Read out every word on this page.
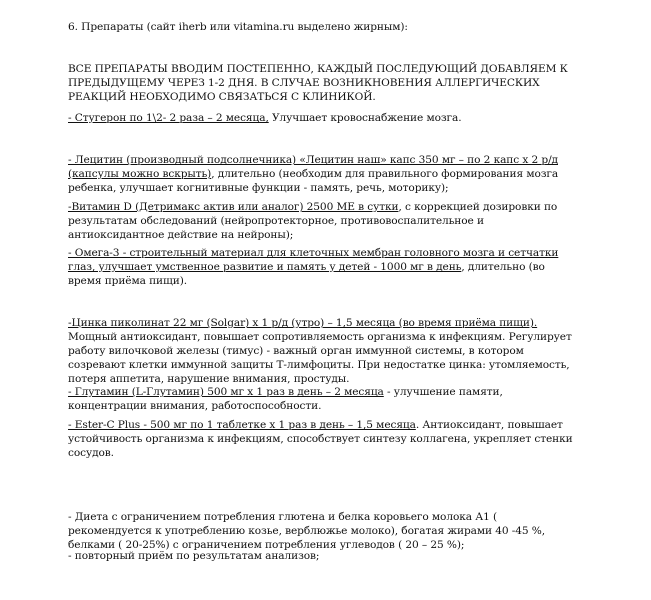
6. Препараты (сайт iherb или vitamina.ru выделено жирным):
ВСЕ ПРЕПАРАТЫ ВВОДИМ ПОСТЕПЕННО, КАЖДЫЙ ПОСЛЕДУЮЩИЙ ДОБАВЛЯЕМ К ПРЕДЫДУЩЕМУ ЧЕРЕЗ 1-2 ДНЯ. В СЛУЧАЕ ВОЗНИКНОВЕНИЯ АЛЛЕРГИЧЕСКИХ РЕАКЦИЙ НЕОБХОДИМО СВЯЗАТЬСЯ С КЛИНИКОЙ.
- Стугерон по 1\2- 2 раза – 2 месяца, Улучшает кровоснабжение мозга.
- Лецитин (производный подсолнечника) «Лецитин наш» капс 350 мг – по 2 капс х 2 р/д (капсулы можно вскрыть), длительно (необходим для правильного формирования мозга ребенка, улучшает когнитивные функции - память, речь, моторику);
-Витамин D (Детримакс актив или аналог) 2500 МЕ в сутки, с коррекцией дозировки по результатам обследований (нейропротекторное, противовоспалительное и антиоксидантное действие на нейроны);
- Омега-3 - строительный материал для клеточных мембран головного мозга и сетчатки глаз, улучшает умственное развитие и память у детей - 1000 мг в день, длительно (во время приёма пищи).
-Цинка пиколинат 22 мг (Solgar) х 1 р/д (утро) – 1,5 месяца (во время приёма пищи). Мощный антиоксидант, повышает сопротивляемость организма к инфекциям. Регулирует работу вилочковой железы (тимус) - важный орган иммунной системы, в котором созревают клетки иммунной защиты Т-лимфоциты. При недостатке цинка: утомляемость, потеря аппетита, нарушение внимания, простуды.
- Глутамин (L-Глутамин) 500 мг х 1 раз в день – 2 месяца - улучшение памяти, концентрации внимания, работоспособности.
- Ester-C Plus - 500 мг по 1 таблетке х 1 раз в день – 1,5 месяца. Антиоксидант, повышает устойчивость организма к инфекциям, способствует синтезу коллагена, укрепляет стенки сосудов.
- Диета с ограничением потребления глютена и белка коровьего молока А1 ( рекомендуется к употреблению козье, верблюжье молоко), богатая жирами 40 -45 %, белками ( 20-25%) с ограничением потребления углеводов ( 20 – 25 %);
- повторный приём по результатам анализов;
